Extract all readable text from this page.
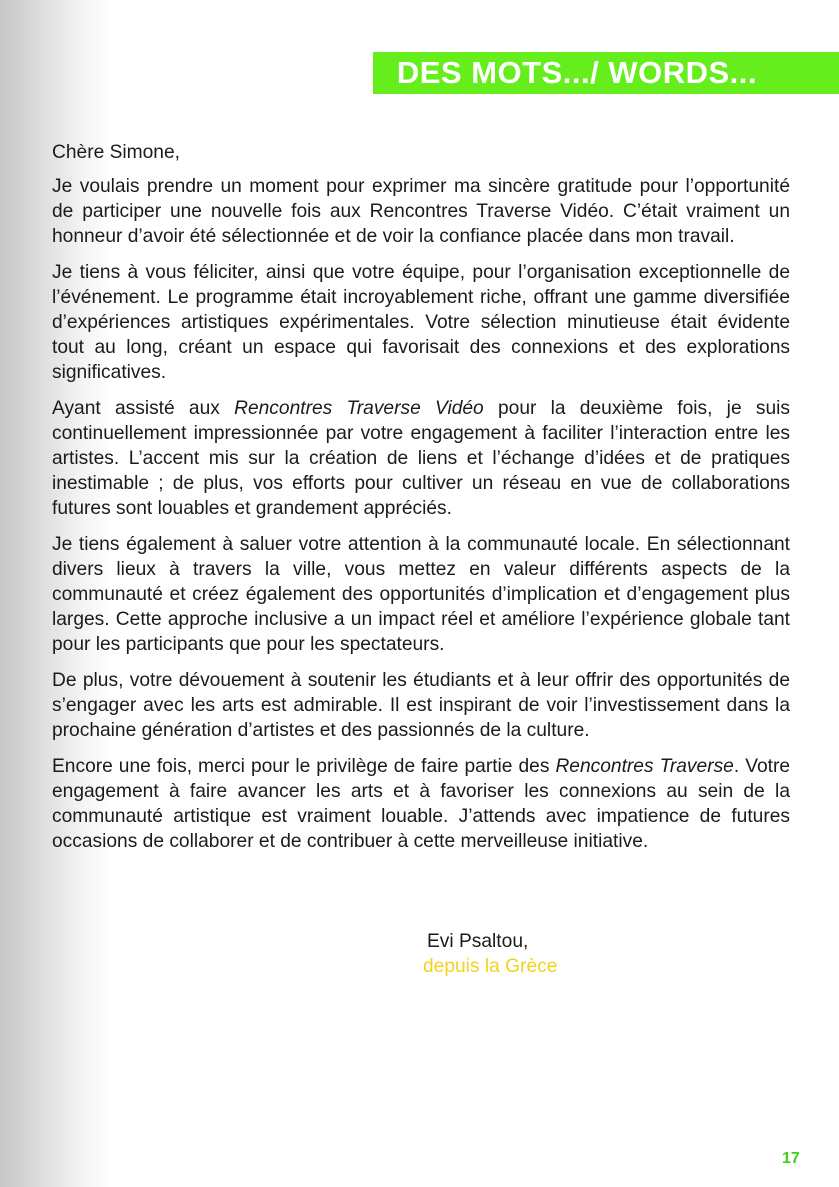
DES MOTS.../ WORDS...

Chère Simone,

Je voulais prendre un moment pour exprimer ma sincère gratitude pour l’opportunité de participer une nouvelle fois aux Rencontres Traverse Vidéo. C’était vraiment un honneur d’avoir été sélectionnée et de voir la confiance placée dans mon travail.

Je tiens à vous féliciter, ainsi que votre équipe, pour l’organisation exceptionnelle de l’événement. Le programme était incroyablement riche, offrant une gamme diversifiée d’expériences artistiques expérimentales. Votre sélection minutieuse était évidente tout au long, créant un espace qui favorisait des connexions et des explorations significatives.

Ayant assisté aux Rencontres Traverse Vidéo pour la deuxième fois, je suis continuellement impressionnée par votre engagement à faciliter l’interaction entre les artistes. L’accent mis sur la création de liens et l’échange d’idées et de pratiques inestimable ; de plus, vos efforts pour cultiver un réseau en vue de collaborations futures sont louables et grandement appréciés.

Je tiens également à saluer votre attention à la communauté locale. En sélectionnant divers lieux à travers la ville, vous mettez en valeur différents aspects de la communauté et créez également des opportunités d’implication et d’engagement plus larges. Cette approche inclusive a un impact réel et améliore l’expérience globale tant pour les participants que pour les spectateurs.

De plus, votre dévouement à soutenir les étudiants et à leur offrir des opportunités de s’engager avec les arts est admirable. Il est inspirant de voir l’investissement dans la prochaine génération d’artistes et des passionnés de la culture.

Encore une fois, merci pour le privilège de faire partie des Rencontres Traverse. Votre engagement à faire avancer les arts et à favoriser les connexions au sein de la communauté artistique est vraiment louable. J’attends avec impatience de futures occasions de collaborer et de contribuer à cette merveilleuse initiative.

Evi Psaltou,
depuis la Grèce
17
